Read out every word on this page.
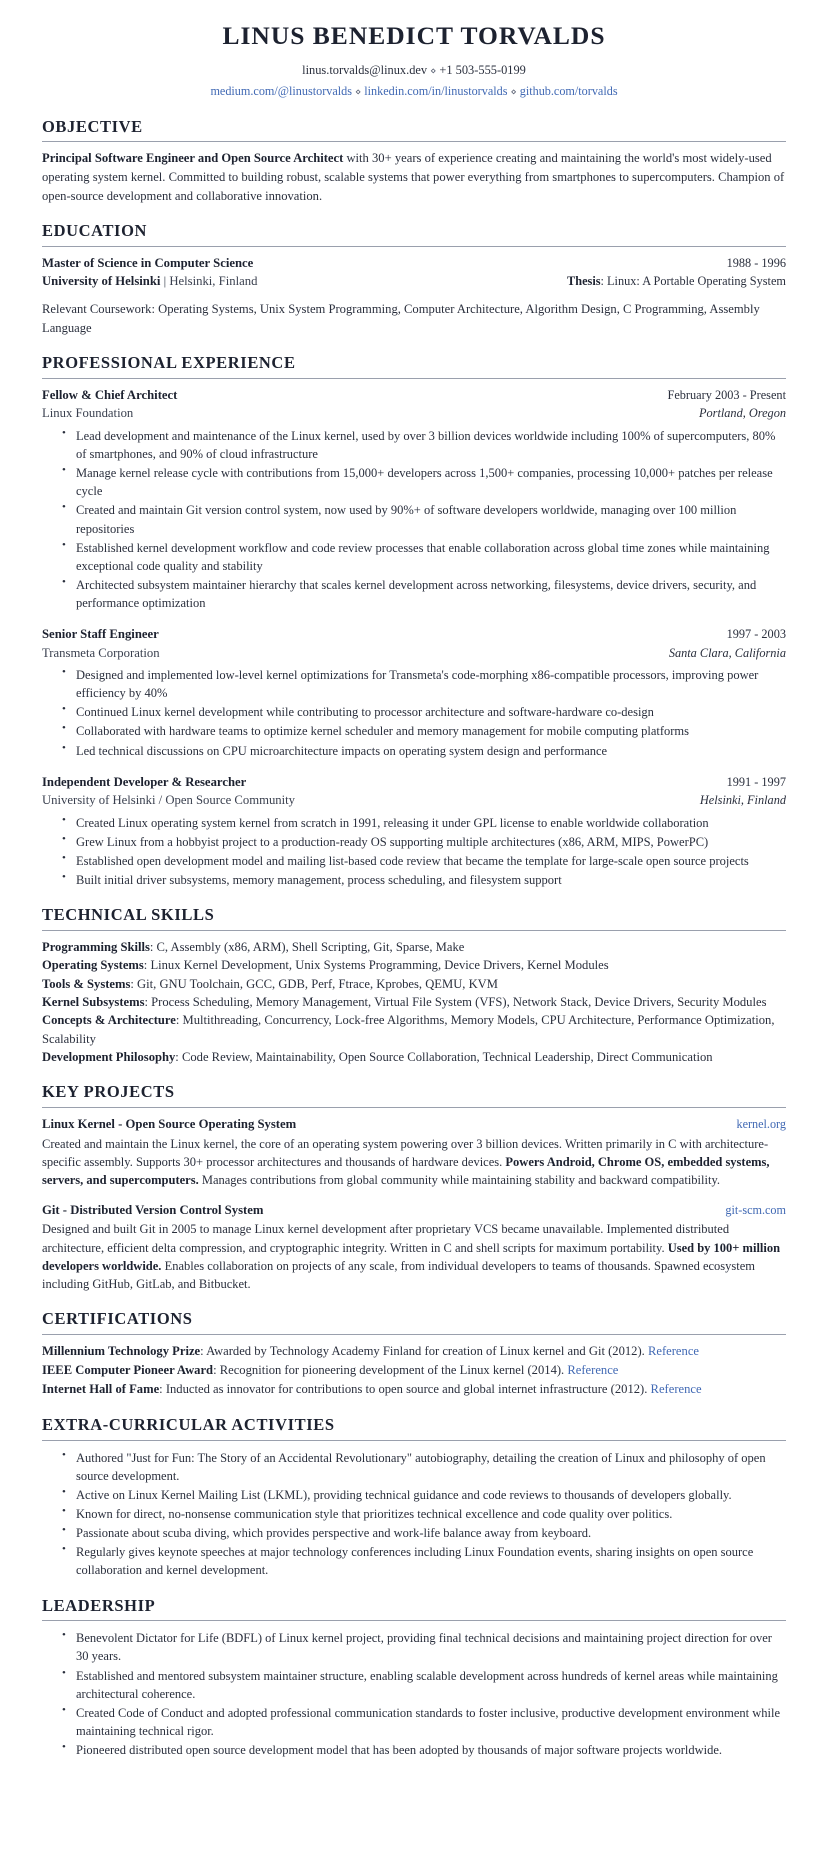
LINUS BENEDICT TORVALDS
linus.torvalds@linux.dev ⋄ +1 503-555-0199
medium.com/@linustorvalds ⋄ linkedin.com/in/linustorvalds ⋄ github.com/torvalds
OBJECTIVE
Principal Software Engineer and Open Source Architect with 30+ years of experience creating and maintaining the world's most widely-used operating system kernel. Committed to building robust, scalable systems that power everything from smartphones to supercomputers. Champion of open-source development and collaborative innovation.
EDUCATION
Master of Science in Computer Science	1988 - 1996
University of Helsinki | Helsinki, Finland	Thesis: Linux: A Portable Operating System
Relevant Coursework: Operating Systems, Unix System Programming, Computer Architecture, Algorithm Design, C Programming, Assembly Language
PROFESSIONAL EXPERIENCE
Fellow & Chief Architect	February 2003 - Present
Linux Foundation	Portland, Oregon
• Lead development and maintenance of the Linux kernel, used by over 3 billion devices worldwide including 100% of supercomputers, 80% of smartphones, and 90% of cloud infrastructure
• Manage kernel release cycle with contributions from 15,000+ developers across 1,500+ companies, processing 10,000+ patches per release cycle
• Created and maintain Git version control system, now used by 90%+ of software developers worldwide, managing over 100 million repositories
• Established kernel development workflow and code review processes that enable collaboration across global time zones while maintaining exceptional code quality and stability
• Architected subsystem maintainer hierarchy that scales kernel development across networking, filesystems, device drivers, security, and performance optimization
Senior Staff Engineer	1997 - 2003
Transmeta Corporation	Santa Clara, California
• Designed and implemented low-level kernel optimizations for Transmeta's code-morphing x86-compatible processors, improving power efficiency by 40%
• Continued Linux kernel development while contributing to processor architecture and software-hardware co-design
• Collaborated with hardware teams to optimize kernel scheduler and memory management for mobile computing platforms
• Led technical discussions on CPU microarchitecture impacts on operating system design and performance
Independent Developer & Researcher	1991 - 1997
University of Helsinki / Open Source Community	Helsinki, Finland
• Created Linux operating system kernel from scratch in 1991, releasing it under GPL license to enable worldwide collaboration
• Grew Linux from a hobbyist project to a production-ready OS supporting multiple architectures (x86, ARM, MIPS, PowerPC)
• Established open development model and mailing list-based code review that became the template for large-scale open source projects
• Built initial driver subsystems, memory management, process scheduling, and filesystem support
TECHNICAL SKILLS
Programming Skills: C, Assembly (x86, ARM), Shell Scripting, Git, Sparse, Make
Operating Systems: Linux Kernel Development, Unix Systems Programming, Device Drivers, Kernel Modules
Tools & Systems: Git, GNU Toolchain, GCC, GDB, Perf, Ftrace, Kprobes, QEMU, KVM
Kernel Subsystems: Process Scheduling, Memory Management, Virtual File System (VFS), Network Stack, Device Drivers, Security Modules
Concepts & Architecture: Multithreading, Concurrency, Lock-free Algorithms, Memory Models, CPU Architecture, Performance Optimization, Scalability
Development Philosophy: Code Review, Maintainability, Open Source Collaboration, Technical Leadership, Direct Communication
KEY PROJECTS
Linux Kernel - Open Source Operating System	kernel.org
Created and maintain the Linux kernel, the core of an operating system powering over 3 billion devices. Written primarily in C with architecture-specific assembly. Supports 30+ processor architectures and thousands of hardware devices. Powers Android, Chrome OS, embedded systems, servers, and supercomputers. Manages contributions from global community while maintaining stability and backward compatibility.
Git - Distributed Version Control System	git-scm.com
Designed and built Git in 2005 to manage Linux kernel development after proprietary VCS became unavailable. Implemented distributed architecture, efficient delta compression, and cryptographic integrity. Written in C and shell scripts for maximum portability. Used by 100+ million developers worldwide. Enables collaboration on projects of any scale, from individual developers to teams of thousands. Spawned ecosystem including GitHub, GitLab, and Bitbucket.
CERTIFICATIONS
Millennium Technology Prize: Awarded by Technology Academy Finland for creation of Linux kernel and Git (2012). Reference
IEEE Computer Pioneer Award: Recognition for pioneering development of the Linux kernel (2014). Reference
Internet Hall of Fame: Inducted as innovator for contributions to open source and global internet infrastructure (2012). Reference
EXTRA-CURRICULAR ACTIVITIES
• Authored "Just for Fun: The Story of an Accidental Revolutionary" autobiography, detailing the creation of Linux and philosophy of open source development.
• Active on Linux Kernel Mailing List (LKML), providing technical guidance and code reviews to thousands of developers globally.
• Known for direct, no-nonsense communication style that prioritizes technical excellence and code quality over politics.
• Passionate about scuba diving, which provides perspective and work-life balance away from keyboard.
• Regularly gives keynote speeches at major technology conferences including Linux Foundation events, sharing insights on open source collaboration and kernel development.
LEADERSHIP
• Benevolent Dictator for Life (BDFL) of Linux kernel project, providing final technical decisions and maintaining project direction for over 30 years.
• Established and mentored subsystem maintainer structure, enabling scalable development across hundreds of kernel areas while maintaining architectural coherence.
• Created Code of Conduct and adopted professional communication standards to foster inclusive, productive development environment while maintaining technical rigor.
• Pioneered distributed open source development model that has been adopted by thousands of major software projects worldwide.
